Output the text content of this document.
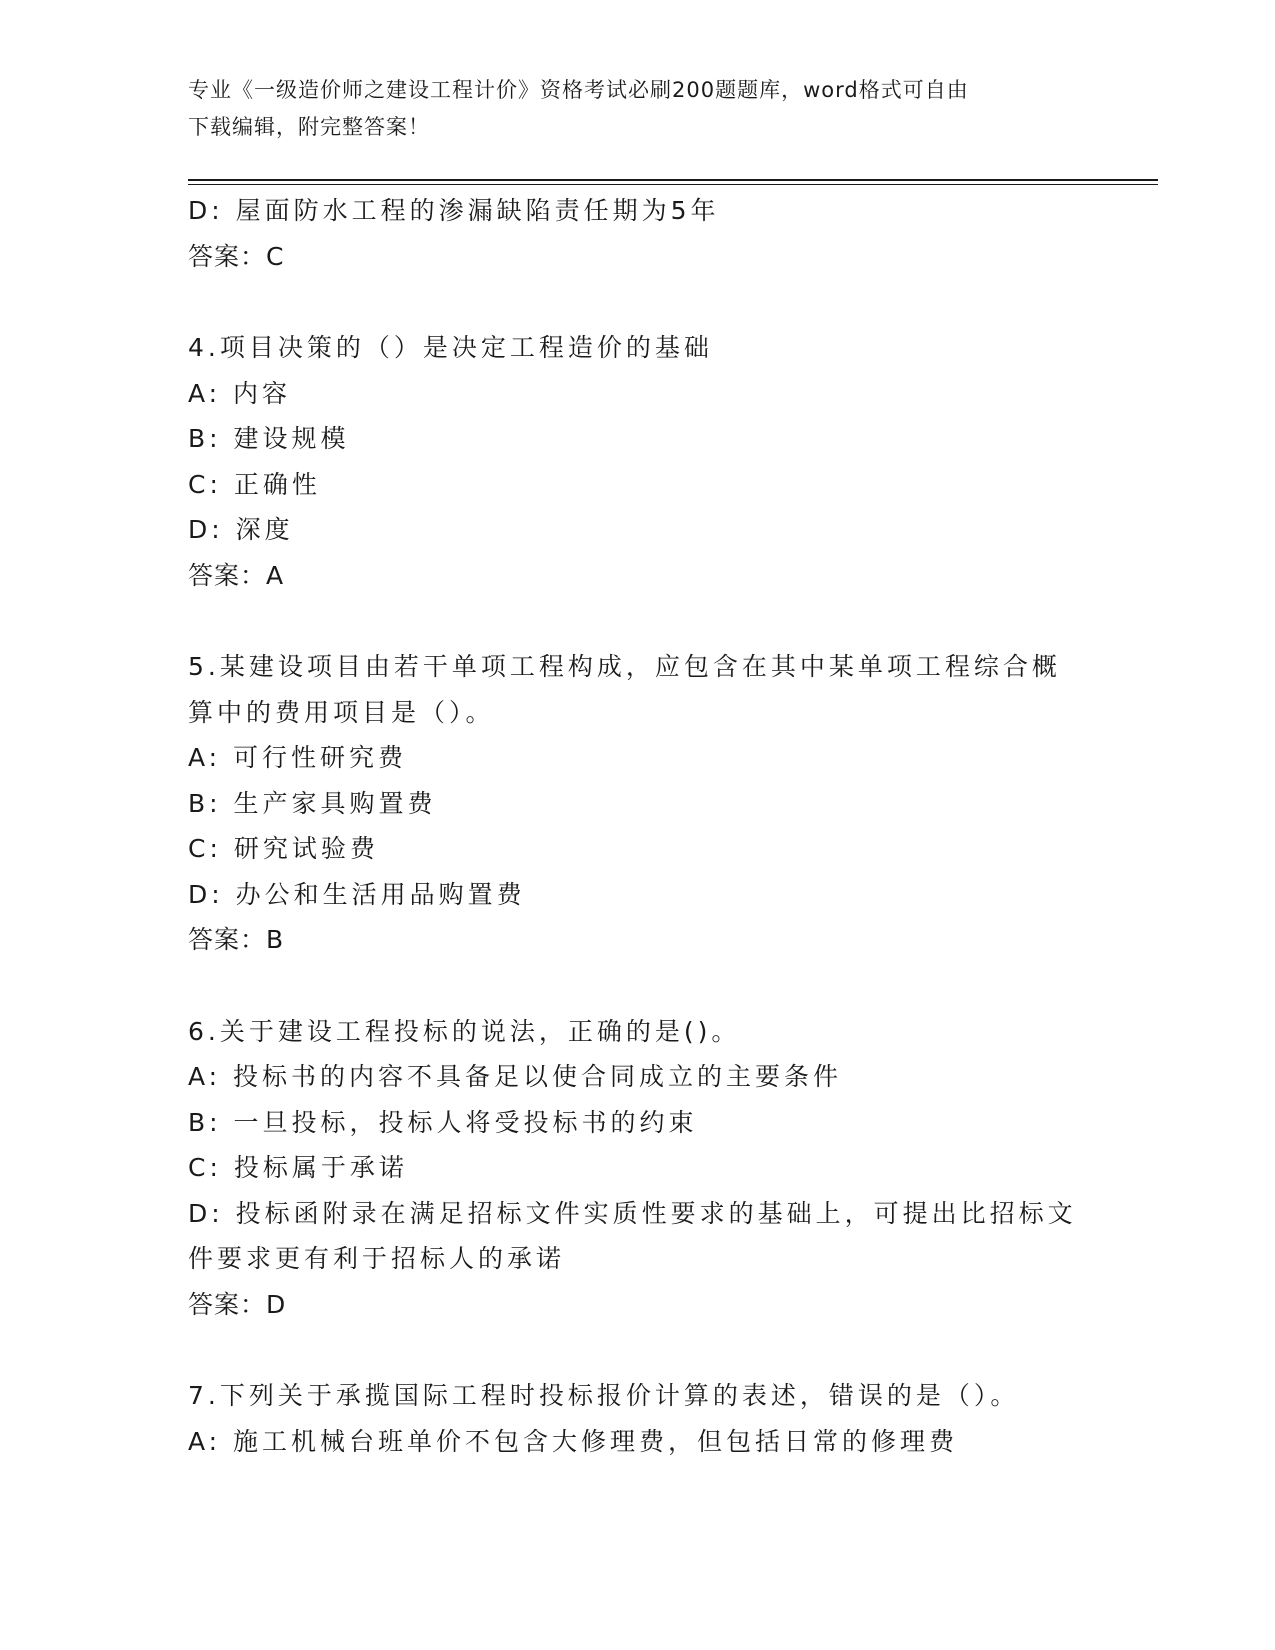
专业《一级造价师之建设工程计价》资格考试必刷200题题库，word格式可自由
下载编辑，附完整答案！
D: 屋面防水工程的渗漏缺陷责任期为5年
答案：C
4.项目决策的（）是决定工程造价的基础
A: 内容
B: 建设规模
C: 正确性
D: 深度
答案：A
5.某建设项目由若干单项工程构成，应包含在其中某单项工程综合概
算中的费用项目是（）。
A: 可行性研究费
B: 生产家具购置费
C: 研究试验费
D: 办公和生活用品购置费
答案：B
6.关于建设工程投标的说法，正确的是()。
A: 投标书的内容不具备足以使合同成立的主要条件
B: 一旦投标，投标人将受投标书的约束
C: 投标属于承诺
D: 投标函附录在满足招标文件实质性要求的基础上，可提出比招标文
件要求更有利于招标人的承诺
答案：D
7.下列关于承揽国际工程时投标报价计算的表述，错误的是（）。
A: 施工机械台班单价不包含大修理费，但包括日常的修理费
